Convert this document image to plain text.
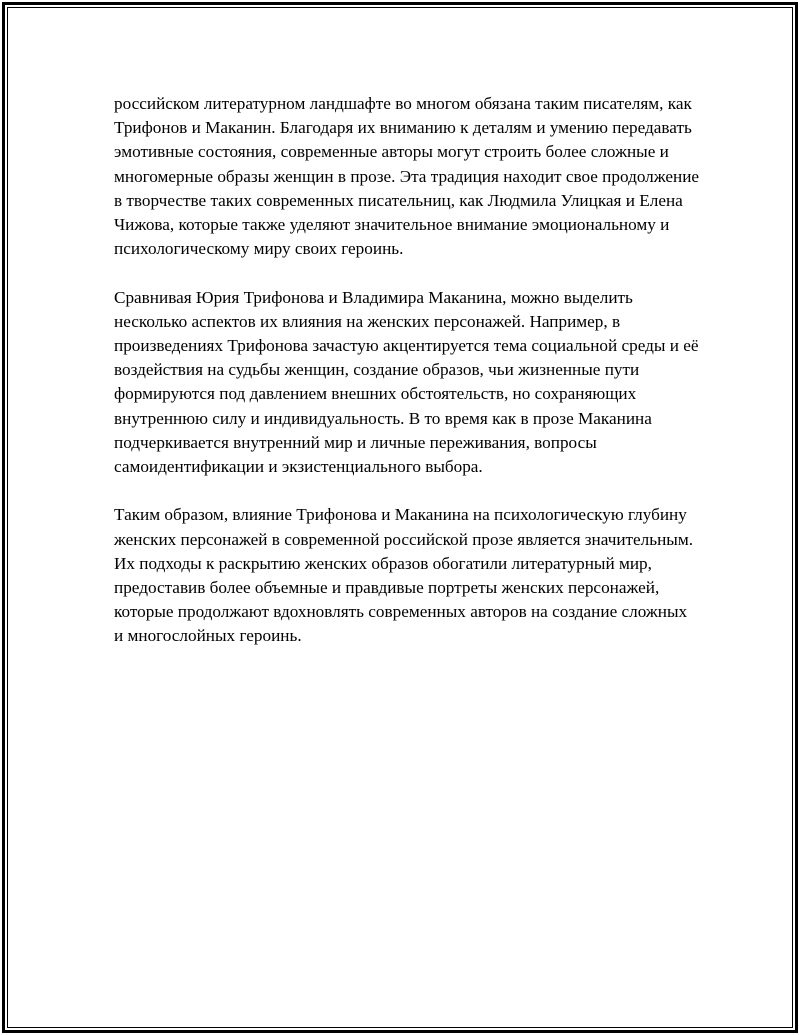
российском литературном ландшафте во многом обязана таким писателям, как Трифонов и Маканин. Благодаря их вниманию к деталям и умению передавать эмотивные состояния, современные авторы могут строить более сложные и многомерные образы женщин в прозе. Эта традиция находит свое продолжение в творчестве таких современных писательниц, как Людмила Улицкая и Елена Чижова, которые также уделяют значительное внимание эмоциональному и психологическому миру своих героинь.

Сравнивая Юрия Трифонова и Владимира Маканина, можно выделить несколько аспектов их влияния на женских персонажей. Например, в произведениях Трифонова зачастую акцентируется тема социальной среды и её воздействия на судьбы женщин, создание образов, чьи жизненные пути формируются под давлением внешних обстоятельств, но сохраняющих внутреннюю силу и индивидуальность. В то время как в прозе Маканина подчеркивается внутренний мир и личные переживания, вопросы самоидентификации и экзистенциального выбора.

Таким образом, влияние Трифонова и Маканина на психологическую глубину женских персонажей в современной российской прозе является значительным. Их подходы к раскрытию женских образов обогатили литературный мир, предоставив более объемные и правдивые портреты женских персонажей, которые продолжают вдохновлять современных авторов на создание сложных и многослойных героинь.
